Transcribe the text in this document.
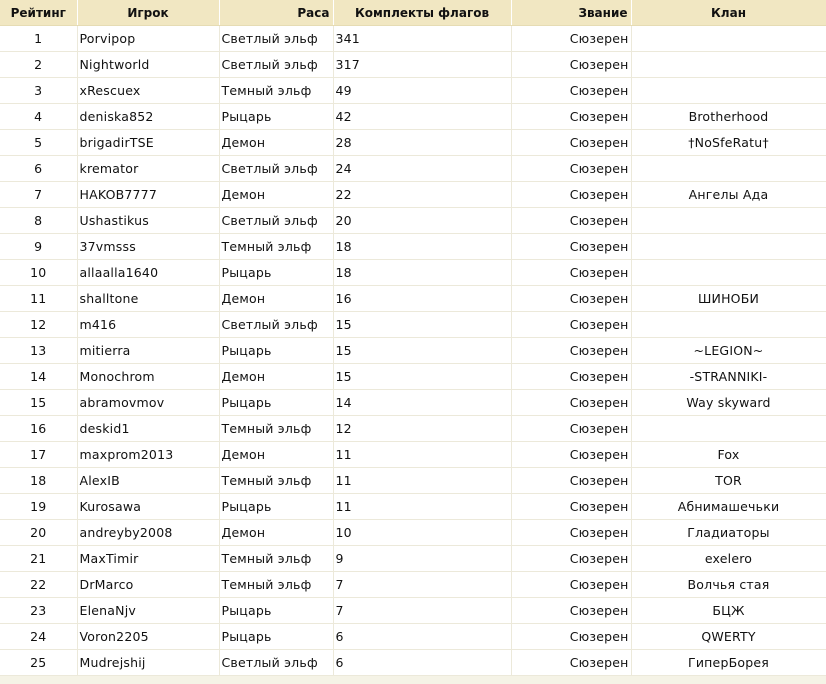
Рейтинг	Игрок	Раса	Комплекты флагов	Звание	Клан
1	Porvipop	Светлый эльф	341	Сюзерен	
2	Nightworld	Светлый эльф	317	Сюзерен	
3	xRescuex	Темный эльф	49	Сюзерен	
4	deniska852	Рыцарь	42	Сюзерен	Brotherhood
5	brigadirTSE	Демон	28	Сюзерен	†NoSfeRatu†
6	kremator	Светлый эльф	24	Сюзерен	
7	HAKOB7777	Демон	22	Сюзерен	Ангелы Ада
8	Ushastikus	Светлый эльф	20	Сюзерен	
9	37vmsss	Темный эльф	18	Сюзерен	
10	allaalla1640	Рыцарь	18	Сюзерен	
11	shalltone	Демон	16	Сюзерен	ШИНОБИ
12	m416	Светлый эльф	15	Сюзерен	
13	mitierra	Рыцарь	15	Сюзерен	~LEGION~
14	Monochrom	Демон	15	Сюзерен	-STRANNIKI-
15	abramovmov	Рыцарь	14	Сюзерен	Way skyward
16	deskid1	Темный эльф	12	Сюзерен	
17	maxprom2013	Демон	11	Сюзерен	Fox
18	AlexIB	Темный эльф	11	Сюзерен	TOR
19	Kurosawa	Рыцарь	11	Сюзерен	Абнимашечьки
20	andreyby2008	Демон	10	Сюзерен	Гладиаторы
21	MaxTimir	Темный эльф	9	Сюзерен	exelero
22	DrMarco	Темный эльф	7	Сюзерен	Волчья стая
23	ElenaNjv	Рыцарь	7	Сюзерен	БЦЖ
24	Voron2205	Рыцарь	6	Сюзерен	QWERTY
25	Mudrejshij	Светлый эльф	6	Сюзерен	ГиперБорея
